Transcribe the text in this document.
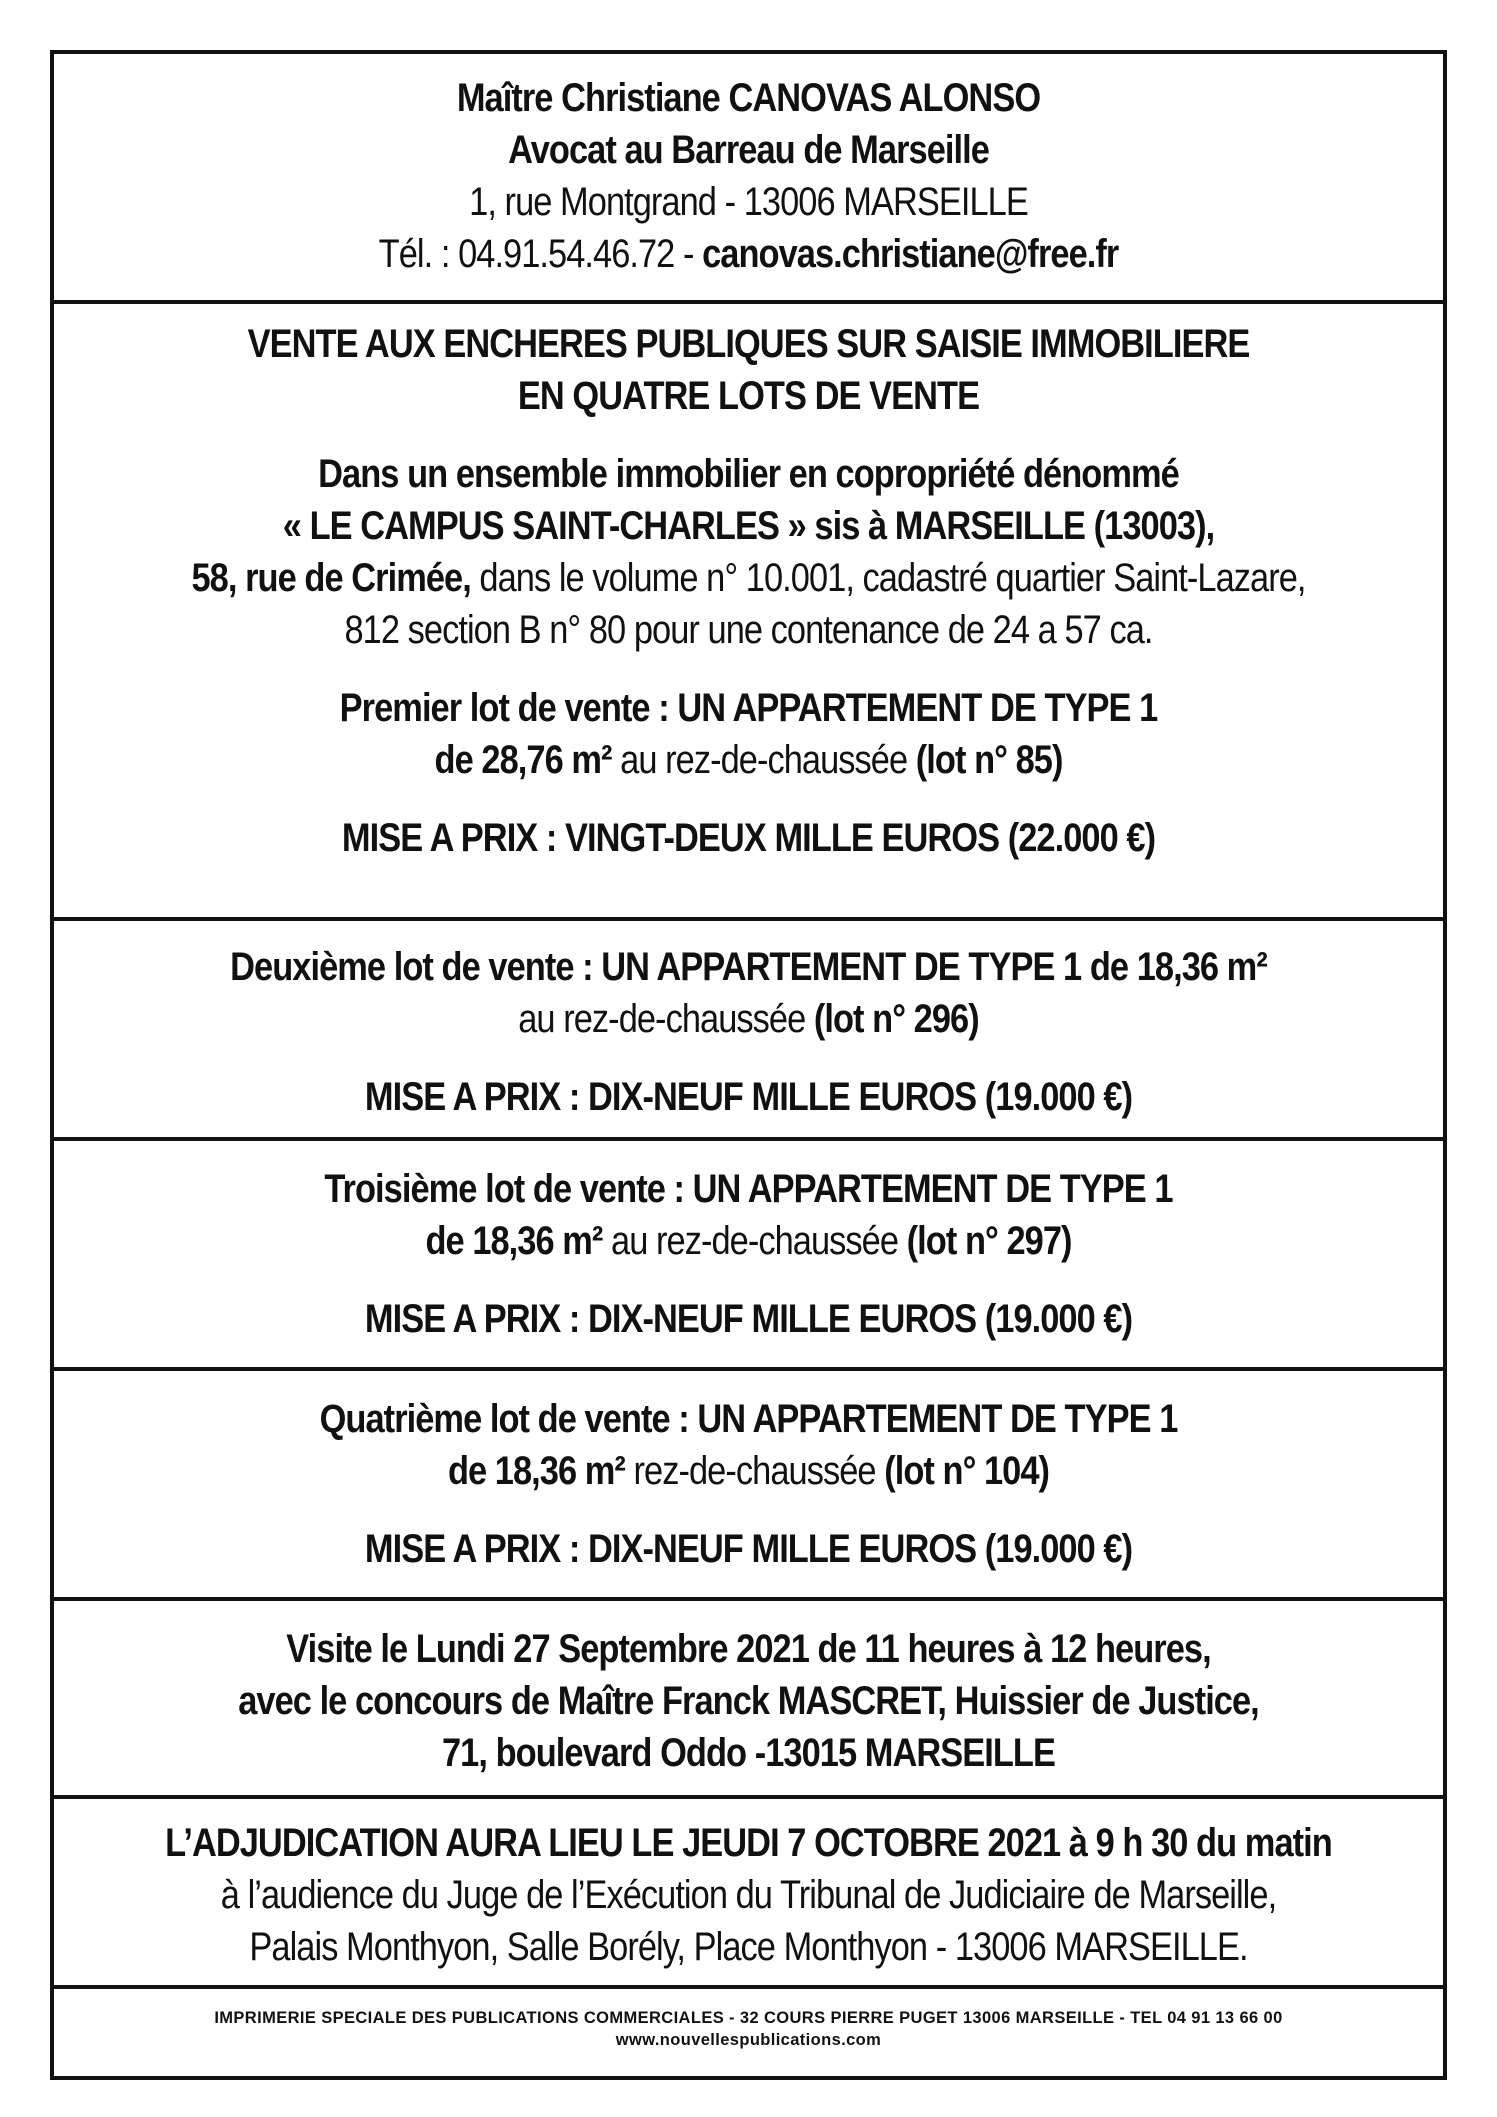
Maître Christiane CANOVAS ALONSO
Avocat au Barreau de Marseille
1, rue Montgrand - 13006 MARSEILLE
Tél. : 04.91.54.46.72 - canovas.christiane@free.fr
VENTE AUX ENCHERES PUBLIQUES SUR SAISIE IMMOBILIERE
EN QUATRE LOTS DE VENTE
Dans un ensemble immobilier en copropriété dénommé
« LE CAMPUS SAINT-CHARLES » sis à MARSEILLE (13003),
58, rue de Crimée, dans le volume n° 10.001, cadastré quartier Saint-Lazare,
812 section B n° 80 pour une contenance de 24 a 57 ca.
Premier lot de vente : UN APPARTEMENT DE TYPE 1
de 28,76 m² au rez-de-chaussée (lot n° 85)
MISE A PRIX : VINGT-DEUX MILLE EUROS (22.000 €)
Deuxième lot de vente : UN APPARTEMENT DE TYPE 1 de 18,36 m²
au rez-de-chaussée (lot n° 296)
MISE A PRIX : DIX-NEUF MILLE EUROS (19.000 €)
Troisième lot de vente : UN APPARTEMENT DE TYPE 1
de 18,36 m² au rez-de-chaussée (lot n° 297)
MISE A PRIX : DIX-NEUF MILLE EUROS (19.000 €)
Quatrième lot de vente : UN APPARTEMENT DE TYPE 1
de 18,36 m² rez-de-chaussée (lot n° 104)
MISE A PRIX : DIX-NEUF MILLE EUROS (19.000 €)
Visite le Lundi 27 Septembre 2021 de 11 heures à 12 heures,
avec le concours de Maître Franck MASCRET, Huissier de Justice,
71, boulevard Oddo -13015 MARSEILLE
L’ADJUDICATION AURA LIEU LE JEUDI 7 OCTOBRE 2021 à 9 h 30 du matin
à l’audience du Juge de l’Exécution du Tribunal de Judiciaire de Marseille,
Palais Monthyon, Salle Borély, Place Monthyon - 13006 MARSEILLE.
IMPRIMERIE SPECIALE DES PUBLICATIONS COMMERCIALES - 32 COURS PIERRE PUGET 13006 MARSEILLE - TEL 04 91 13 66 00
www.nouvellespublications.com
